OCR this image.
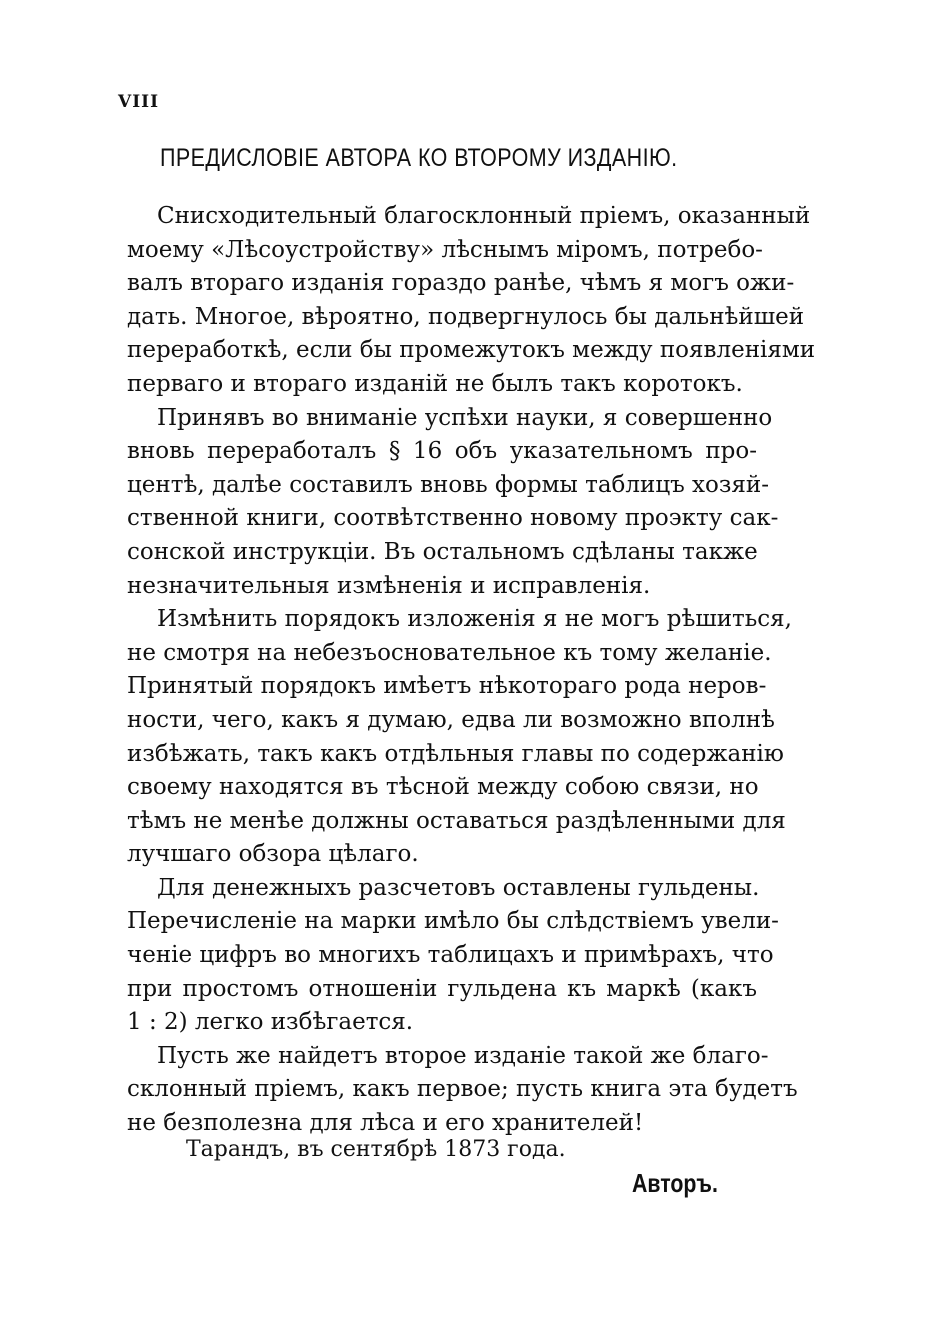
VIII
ПРЕДИСЛОВІЕ АВТОРА КО ВТОРОМУ ИЗДАНІЮ.
Снисходительный благосклонный пріемъ, оказанный
моему «Лѣсоустройству» лѣснымъ міромъ, потребо-
валъ втораго изданія гораздо ранѣе, чѣмъ я могъ ожи-
дать. Многое, вѣроятно, подвергнулось бы дальнѣйшей
переработкѣ, если бы промежутокъ между появленіями
перваго и втораго изданій не былъ такъ коротокъ.
Принявъ во вниманіе успѣхи науки, я совершенно
вновь переработалъ § 16 объ указательномъ про-
центѣ, далѣе составилъ вновь формы таблицъ хозяй-
ственной книги, соотвѣтственно новому проэкту сак-
сонской инструкціи. Въ остальномъ сдѣланы также
незначительныя измѣненія и исправленія.
Измѣнить порядокъ изложенія я не могъ рѣшиться,
не смотря на небезъосновательное къ тому желаніе.
Принятый порядокъ имѣетъ нѣкотораго рода неров-
ности, чего, какъ я думаю, едва ли возможно вполнѣ
избѣжать, такъ какъ отдѣльныя главы по содержанію
своему находятся въ тѣсной между собою связи, но
тѣмъ не менѣе должны оставаться раздѣленными для
лучшаго обзора цѣлаго.
Для денежныхъ разсчетовъ оставлены гульдены.
Перечисленіе на марки имѣло бы слѣдствіемъ увели-
ченіе цифръ во многихъ таблицахъ и примѣрахъ, что
при простомъ отношеніи гульдена къ маркѣ (какъ
1 : 2) легко избѣгается.
Пусть же найдетъ второе изданіе такой же благо-
склонный пріемъ, какъ первое; пусть книга эта будетъ
не безполезна для лѣса и его хранителей!
Тарандъ, въ сентябрѣ 1873 года.
Авторъ.
